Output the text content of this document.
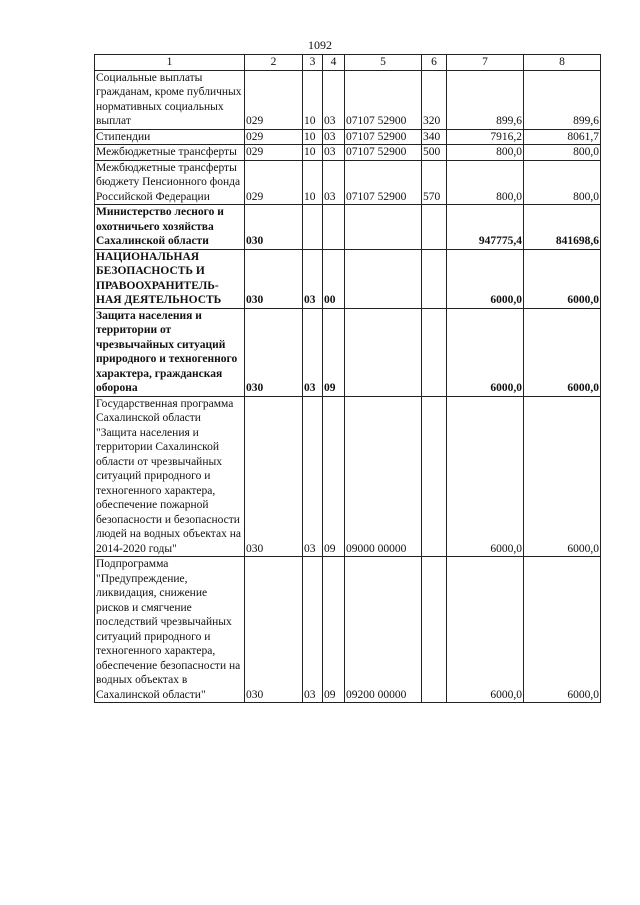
1092
1	2	3	4	5	6	7	8
Социальные выплаты гражданам, кроме публичных нормативных социальных выплат	029	10	03	07107 52900	320	899,6	899,6
Стипендии	029	10	03	07107 52900	340	7916,2	8061,7
Межбюджетные трансферты	029	10	03	07107 52900	500	800,0	800,0
Межбюджетные трансферты бюджету Пенсионного фонда Российской Федерации	029	10	03	07107 52900	570	800,0	800,0
Министерство лесного и охотничьего хозяйства Сахалинской области	030					947775,4	841698,6
НАЦИОНАЛЬНАЯ БЕЗОПАСНОСТЬ И ПРАВООХРАНИТЕЛЬ-НАЯ ДЕЯТЕЛЬНОСТЬ	030	03	00			6000,0	6000,0
Защита населения и территории от чрезвычайных ситуаций природного и техногенного характера, гражданская оборона	030	03	09			6000,0	6000,0
Государственная программа Сахалинской области "Защита населения и территории Сахалинской области от чрезвычайных ситуаций природного и техногенного характера, обеспечение пожарной безопасности и безопасности людей на водных объектах на 2014-2020 годы"	030	03	09	09000 00000		6000,0	6000,0
Подпрограмма "Предупреждение, ликвидация, снижение рисков и смягчение последствий чрезвычайных ситуаций природного и техногенного характера, обеспечение безопасности на водных объектах в Сахалинской области"	030	03	09	09200 00000		6000,0	6000,0
